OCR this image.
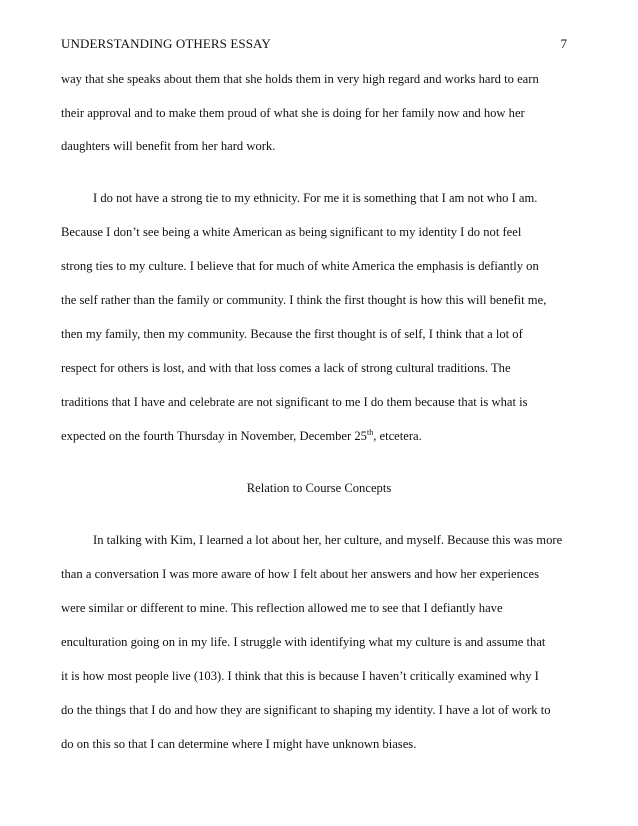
UNDERSTANDING OTHERS ESSAY	7
way that she speaks about them that she holds them in very high regard and works hard to earn
their approval and to make them proud of what she is doing for her family now and how her
daughters will benefit from her hard work.
I do not have a strong tie to my ethnicity. For me it is something that I am not who I am.
Because I don’t see being a white American as being significant to my identity I do not feel
strong ties to my culture. I believe that for much of white America the emphasis is defiantly on
the self rather than the family or community. I think the first thought is how this will benefit me,
then my family, then my community. Because the first thought is of self, I think that a lot of
respect for others is lost, and with that loss comes a lack of strong cultural traditions. The
traditions that I have and celebrate are not significant to me I do them because that is what is
expected on the fourth Thursday in November, December 25th, etcetera.
Relation to Course Concepts
In talking with Kim, I learned a lot about her, her culture, and myself. Because this was more
than a conversation I was more aware of how I felt about her answers and how her experiences
were similar or different to mine. This reflection allowed me to see that I defiantly have
enculturation going on in my life. I struggle with identifying what my culture is and assume that
it is how most people live (103). I think that this is because I haven’t critically examined why I
do the things that I do and how they are significant to shaping my identity. I have a lot of work to
do on this so that I can determine where I might have unknown biases.
